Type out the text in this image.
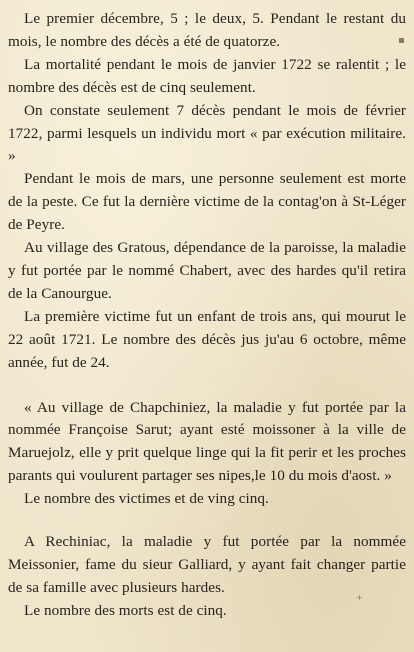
Le premier décembre, 5 ; le deux, 5. Pendant le restant du mois, le nombre des décès a été de quatorze.

La mortalité pendant le mois de janvier 1722 se ralentit ; le nombre des décès est de cinq seulement.

On constate seulement 7 décès pendant le mois de février 1722, parmi lesquels un individu mort « par exécution militaire. »

Pendant le mois de mars, une personne seulement est morte de la peste. Ce fut la dernière victime de la contag'on à St-Léger de Peyre.

Au village des Gratous, dépendance de la paroisse, la maladie y fut portée par le nommé Chabert, avec des hardes qu'il retira de la Canourgue.

La première victime fut un enfant de trois ans, qui mourut le 22 août 1721. Le nombre des décès jus ju'au 6 octobre, même année, fut de 24.

« Au village de Chapchiniez, la maladie y fut portée par la nommée Françoise Sarut; ayant esté moissoner à la ville de Maruejolz, elle y prit quelque linge qui la fit perir et les proches parants qui voulurent partager ses nipes,le 10 du mois d'aost. »

Le nombre des victimes et de ving cinq.

A Rechiniac, la maladie y fut portée par la nommée Meissonier, fame du sieur Galliard, y ayant fait changer partie de sa famille avec plusieurs hardes.

Le nombre des morts est de cinq.

▪
+
